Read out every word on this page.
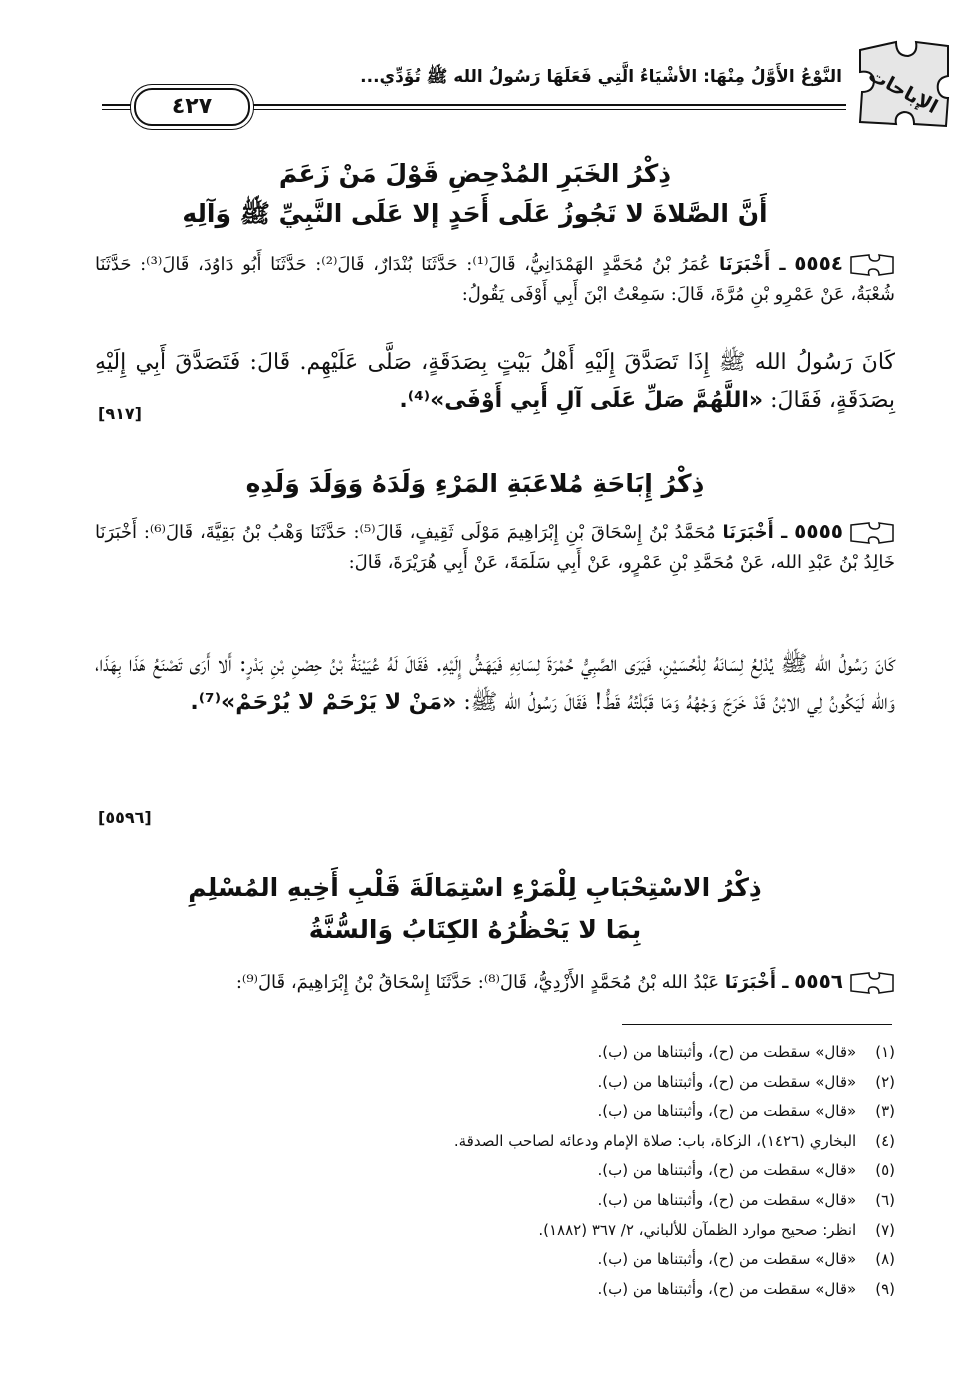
الإباحات
النَّوْعُ الأَوَّلُ مِنْهَا: الأشْيَاءُ الَّتِي فَعَلَهَا رَسُولُ الله ﷺ تُؤَدِّي...
٤٢٧
ذِكْرُ الخَبَرِ المُدْحِضِ قَوْلَ مَنْ زَعَمَ
أَنَّ الصَّلاةَ لا تَجُوزُ عَلَى أَحَدٍ إلا عَلَى النَّبِيِّ ﷺ وَآلِهِ

٥٥٥٤ ـ أَخْبَرَنَا عُمَرُ بْنُ مُحَمَّدٍ الهَمْدَانِيُّ، قَالَ⁽¹⁾: حَدَّثَنَا بُنْدَارٌ، قَالَ⁽²⁾: حَدَّثَنَا أَبُو دَاوُدَ، قَالَ⁽³⁾: حَدَّثَنَا شُعْبَةُ، عَنْ عَمْرِو بْنِ مُرَّةَ، قَالَ: سَمِعْتُ ابْنَ أَبِي أَوْفَى يَقُولُ:

كَانَ رَسُولُ الله ﷺ إِذَا تَصَدَّقَ إِلَيْهِ أَهْلُ بَيْتٍ بِصَدَقَةٍ، صَلَّى عَلَيْهِم. قَالَ: فَتَصَدَّقَ أَبِي إِلَيْهِ بِصَدَقَةٍ، فَقَالَ: «اللَّهُمَّ صَلِّ عَلَى آلِ أَبِي أَوْفَى»⁽⁴⁾.

[٩١٧]
ذِكْرُ إِبَاحَةِ مُلاعَبَةِ المَرْءِ وَلَدَهُ وَوَلَدَ وَلَدِهِ

٥٥٥٥ ـ أَخْبَرَنَا مُحَمَّدُ بْنُ إِسْحَاقَ بْنِ إِبْرَاهِيمَ مَوْلَى ثَقِيفٍ، قَالَ⁽⁵⁾: حَدَّثَنَا وَهْبُ بْنُ بَقِيَّةَ، قَالَ⁽⁶⁾: أَخْبَرَنَا خَالِدُ بْنُ عَبْدِ الله، عَنْ مُحَمَّدِ بْنِ عَمْرٍو، عَنْ أَبِي سَلَمَةَ، عَنْ أَبِي هُرَيْرَةَ، قَالَ:

كَانَ رَسُولُ الله ﷺ يُدْلِعُ لِسَانَهُ لِلْحُسَيْنِ، فَيَرَى الصَّبِيُّ حُمْرَةَ لِسَانِهِ فَيَهَشُّ إِلَيْهِ. فَقَالَ لَهُ عُيَيْنَةُ بْنُ حِصْنِ بْنِ بَدْرٍ: أَلا أَرَى تَصْنَعُ هَذَا بِهَذَا، وَالله لَيَكُونُ لِي الابْنُ قَدْ خَرَجَ وَجْهُهُ وَمَا قَبَّلْتُهُ قَطُّ! فَقَالَ رَسُولُ الله ﷺ: «مَنْ لا يَرْحَمْ لا يُرْحَمْ»⁽⁷⁾.

[٥٥٩٦]
ذِكْرُ الاسْتِحْبَابِ لِلْمَرْءِ اسْتِمَالَةَ قَلْبِ أَخِيهِ المُسْلِمِ
بِمَا لا يَحْظُرُهُ الكِتَابُ وَالسُّنَّةُ

٥٥٥٦ ـ أَخْبَرَنَا عَبْدُ الله بْنُ مُحَمَّدٍ الأَزْدِيُّ، قَالَ⁽⁸⁾: حَدَّثَنَا إِسْحَاقُ بْنُ إِبْرَاهِيمَ، قَالَ⁽⁹⁾:

(١) «قال» سقطت من (ح)، وأثبتناها من (ب).
(٢) «قال» سقطت من (ح)، وأثبتناها من (ب).
(٣) «قال» سقطت من (ح)، وأثبتناها من (ب).
(٤) البخاري (١٤٢٦)، الزكاة، باب: صلاة الإمام ودعائه لصاحب الصدقة.
(٥) «قال» سقطت من (ح)، وأثبتناها من (ب).
(٦) «قال» سقطت من (ح)، وأثبتناها من (ب).
(٧) انظر: صحيح موارد الظمآن للألباني، ٢/ ٣٦٧ (١٨٨٢).
(٨) «قال» سقطت من (ح)، وأثبتناها من (ب).
(٩) «قال» سقطت من (ح)، وأثبتناها من (ب).
